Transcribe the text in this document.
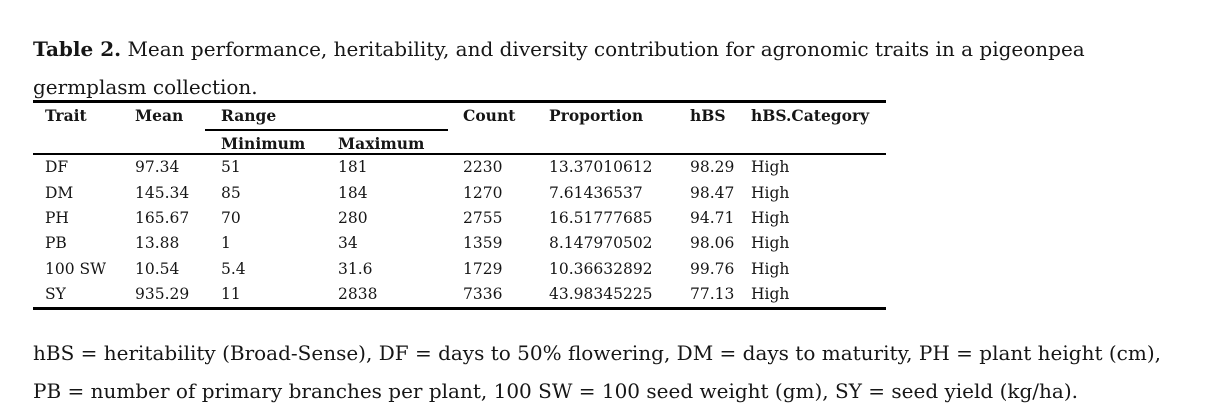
Table 2. Mean performance, heritability, and diversity contribution for agronomic traits in a pigeonpea germplasm collection.

Trait	Mean	Range		Count	Proportion	hBS	hBS.Category
		Minimum	Maximum				
DF	97.34	51	181	2230	13.37010612	98.29	High
DM	145.34	85	184	1270	7.61436537	98.47	High
PH	165.67	70	280	2755	16.51777685	94.71	High
PB	13.88	1	34	1359	8.147970502	98.06	High
100 SW	10.54	5.4	31.6	1729	10.36632892	99.76	High
SY	935.29	11	2838	7336	43.98345225	77.13	High

hBS = heritability (Broad-Sense), DF = days to 50% flowering, DM = days to maturity, PH = plant height (cm), PB = number of primary branches per plant, 100 SW = 100 seed weight (gm), SY = seed yield (kg/ha).
